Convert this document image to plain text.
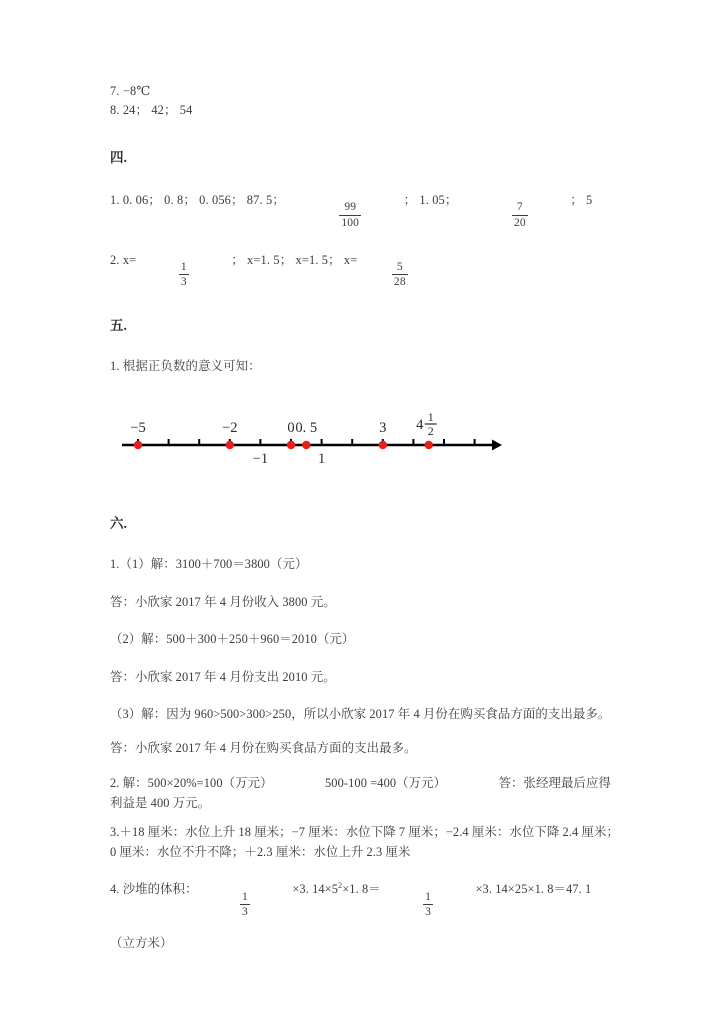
7. −8℃
8. 24； 42； 54
四.
1. 0. 06； 0. 8； 0. 056； 87. 5；
$\frac{99}{100}$
； 1. 05；
$\frac{7}{20}$
； 5
2. x=
$\frac{1}{3}$
； x=1. 5； x=1. 5； x=
$\frac{5}{28}$
五.
1. 根据正负数的意义可知：
−5	−2
−1
0 0. 5
1
3 4 1
2
六.
1.（1）解：3100＋700＝3800（元）
答：小欣家 2017 年 4 月份收入 3800 元。
（2）解：500＋300＋250＋960＝2010（元）
答：小欣家 2017 年 4 月份支出 2010 元。
（3）解：因为 960>500>300>250，所以小欣家 2017 年 4 月份在购买食品方面的支出最多。
答：小欣家 2017 年 4 月份在购买食品方面的支出最多。
2. 解：500×20%=100（万元）	500-100 =400（万元）	答：张经理最后应得利益是 400 万元。
3.＋18 厘米：水位上升 18 厘米；−7 厘米：水位下降 7 厘米；−2.4 厘米：水位下降 2.4 厘米；0 厘米：水位不升不降；＋2.3 厘米：水位上升 2.3 厘米
4. 沙堆的体积：
$\frac{1}{3}$
×3. $14\times 5^2\times 1$. 8＝
$\frac{1}{3}$
×3. 14×25×1. 8＝47. 1
（立方米）
